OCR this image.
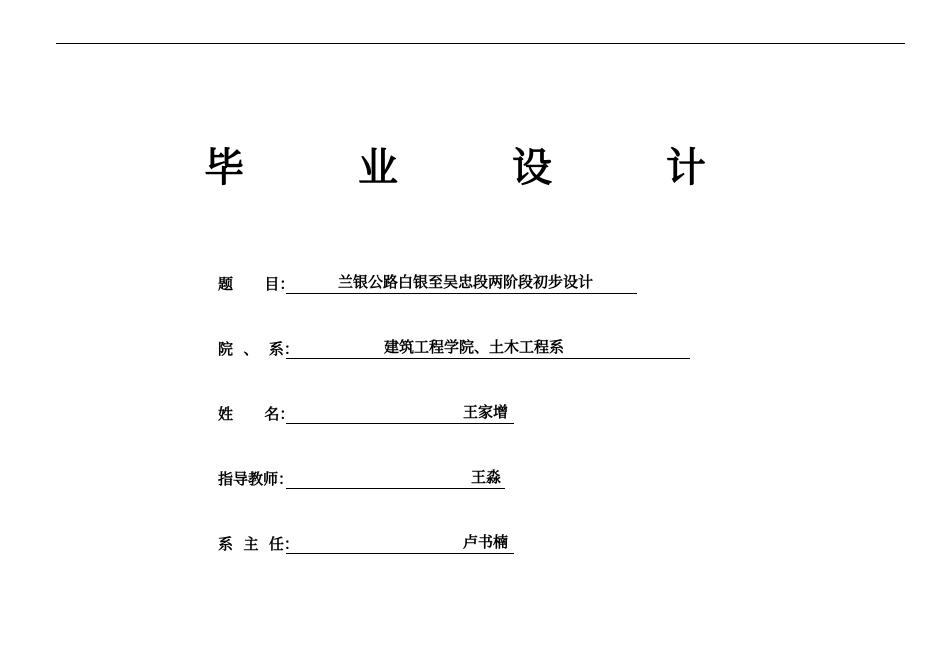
毕 业 设 计
题      目：	兰银公路白银至吴忠段两阶段初步设计
院  、  系：	建筑工程学院、土木工程系
姓      名：	王家增
指导教师：	王淼
系  主  任：	卢书楠
